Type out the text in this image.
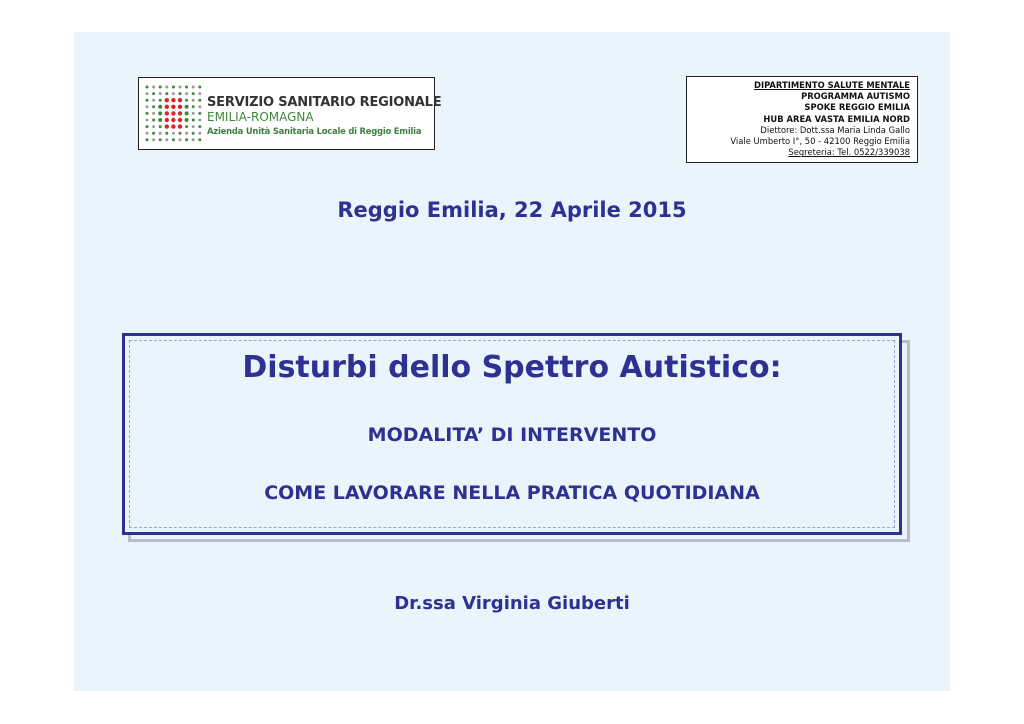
SERVIZIO SANITARIO REGIONALE
EMILIA-ROMAGNA
Azienda Unità Sanitaria Locale di Reggio Emilia
DIPARTIMENTO SALUTE MENTALE
PROGRAMMA AUTISMO
SPOKE REGGIO EMILIA
HUB AREA VASTA EMILIA NORD
Diettore: Dott.ssa Maria Linda Gallo
Viale Umberto I°, 50 - 42100 Reggio Emilia
Segreteria: Tel. 0522/339038
Reggio Emilia, 22 Aprile 2015
Disturbi dello Spettro Autistico:
MODALITA’ DI INTERVENTO
COME LAVORARE NELLA PRATICA QUOTIDIANA
Dr.ssa Virginia Giuberti
